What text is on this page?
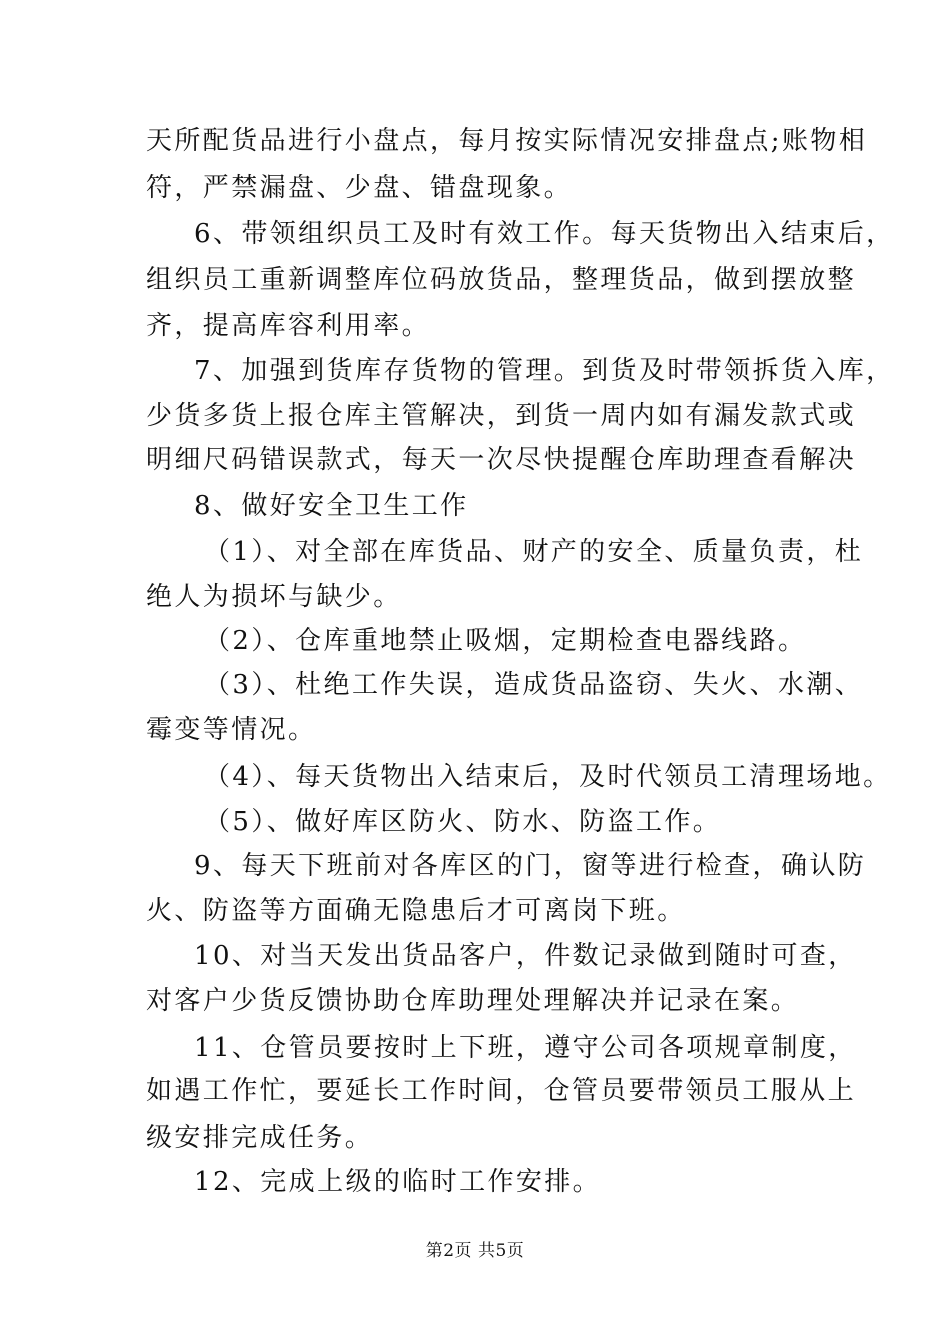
天所配货品进行小盘点，每月按实际情况安排盘点;账物相
符，严禁漏盘、少盘、错盘现象。
6、带领组织员工及时有效工作。每天货物出入结束后，
组织员工重新调整库位码放货品，整理货品，做到摆放整
齐，提高库容利用率。
7、加强到货库存货物的管理。到货及时带领拆货入库，
少货多货上报仓库主管解决，到货一周内如有漏发款式或
明细尺码错误款式，每天一次尽快提醒仓库助理查看解决
8、做好安全卫生工作
（1）、对全部在库货品、财产的安全、质量负责，杜
绝人为损坏与缺少。
（2）、仓库重地禁止吸烟，定期检查电器线路。
（3）、杜绝工作失误，造成货品盗窃、失火、水潮、
霉变等情况。
（4）、每天货物出入结束后，及时代领员工清理场地。
（5）、做好库区防火、防水、防盗工作。
9、每天下班前对各库区的门，窗等进行检查，确认防
火、防盗等方面确无隐患后才可离岗下班。
10、对当天发出货品客户，件数记录做到随时可查，
对客户少货反馈协助仓库助理处理解决并记录在案。
11、仓管员要按时上下班，遵守公司各项规章制度，
如遇工作忙，要延长工作时间，仓管员要带领员工服从上
级安排完成任务。
12、完成上级的临时工作安排。
第2页 共5页
